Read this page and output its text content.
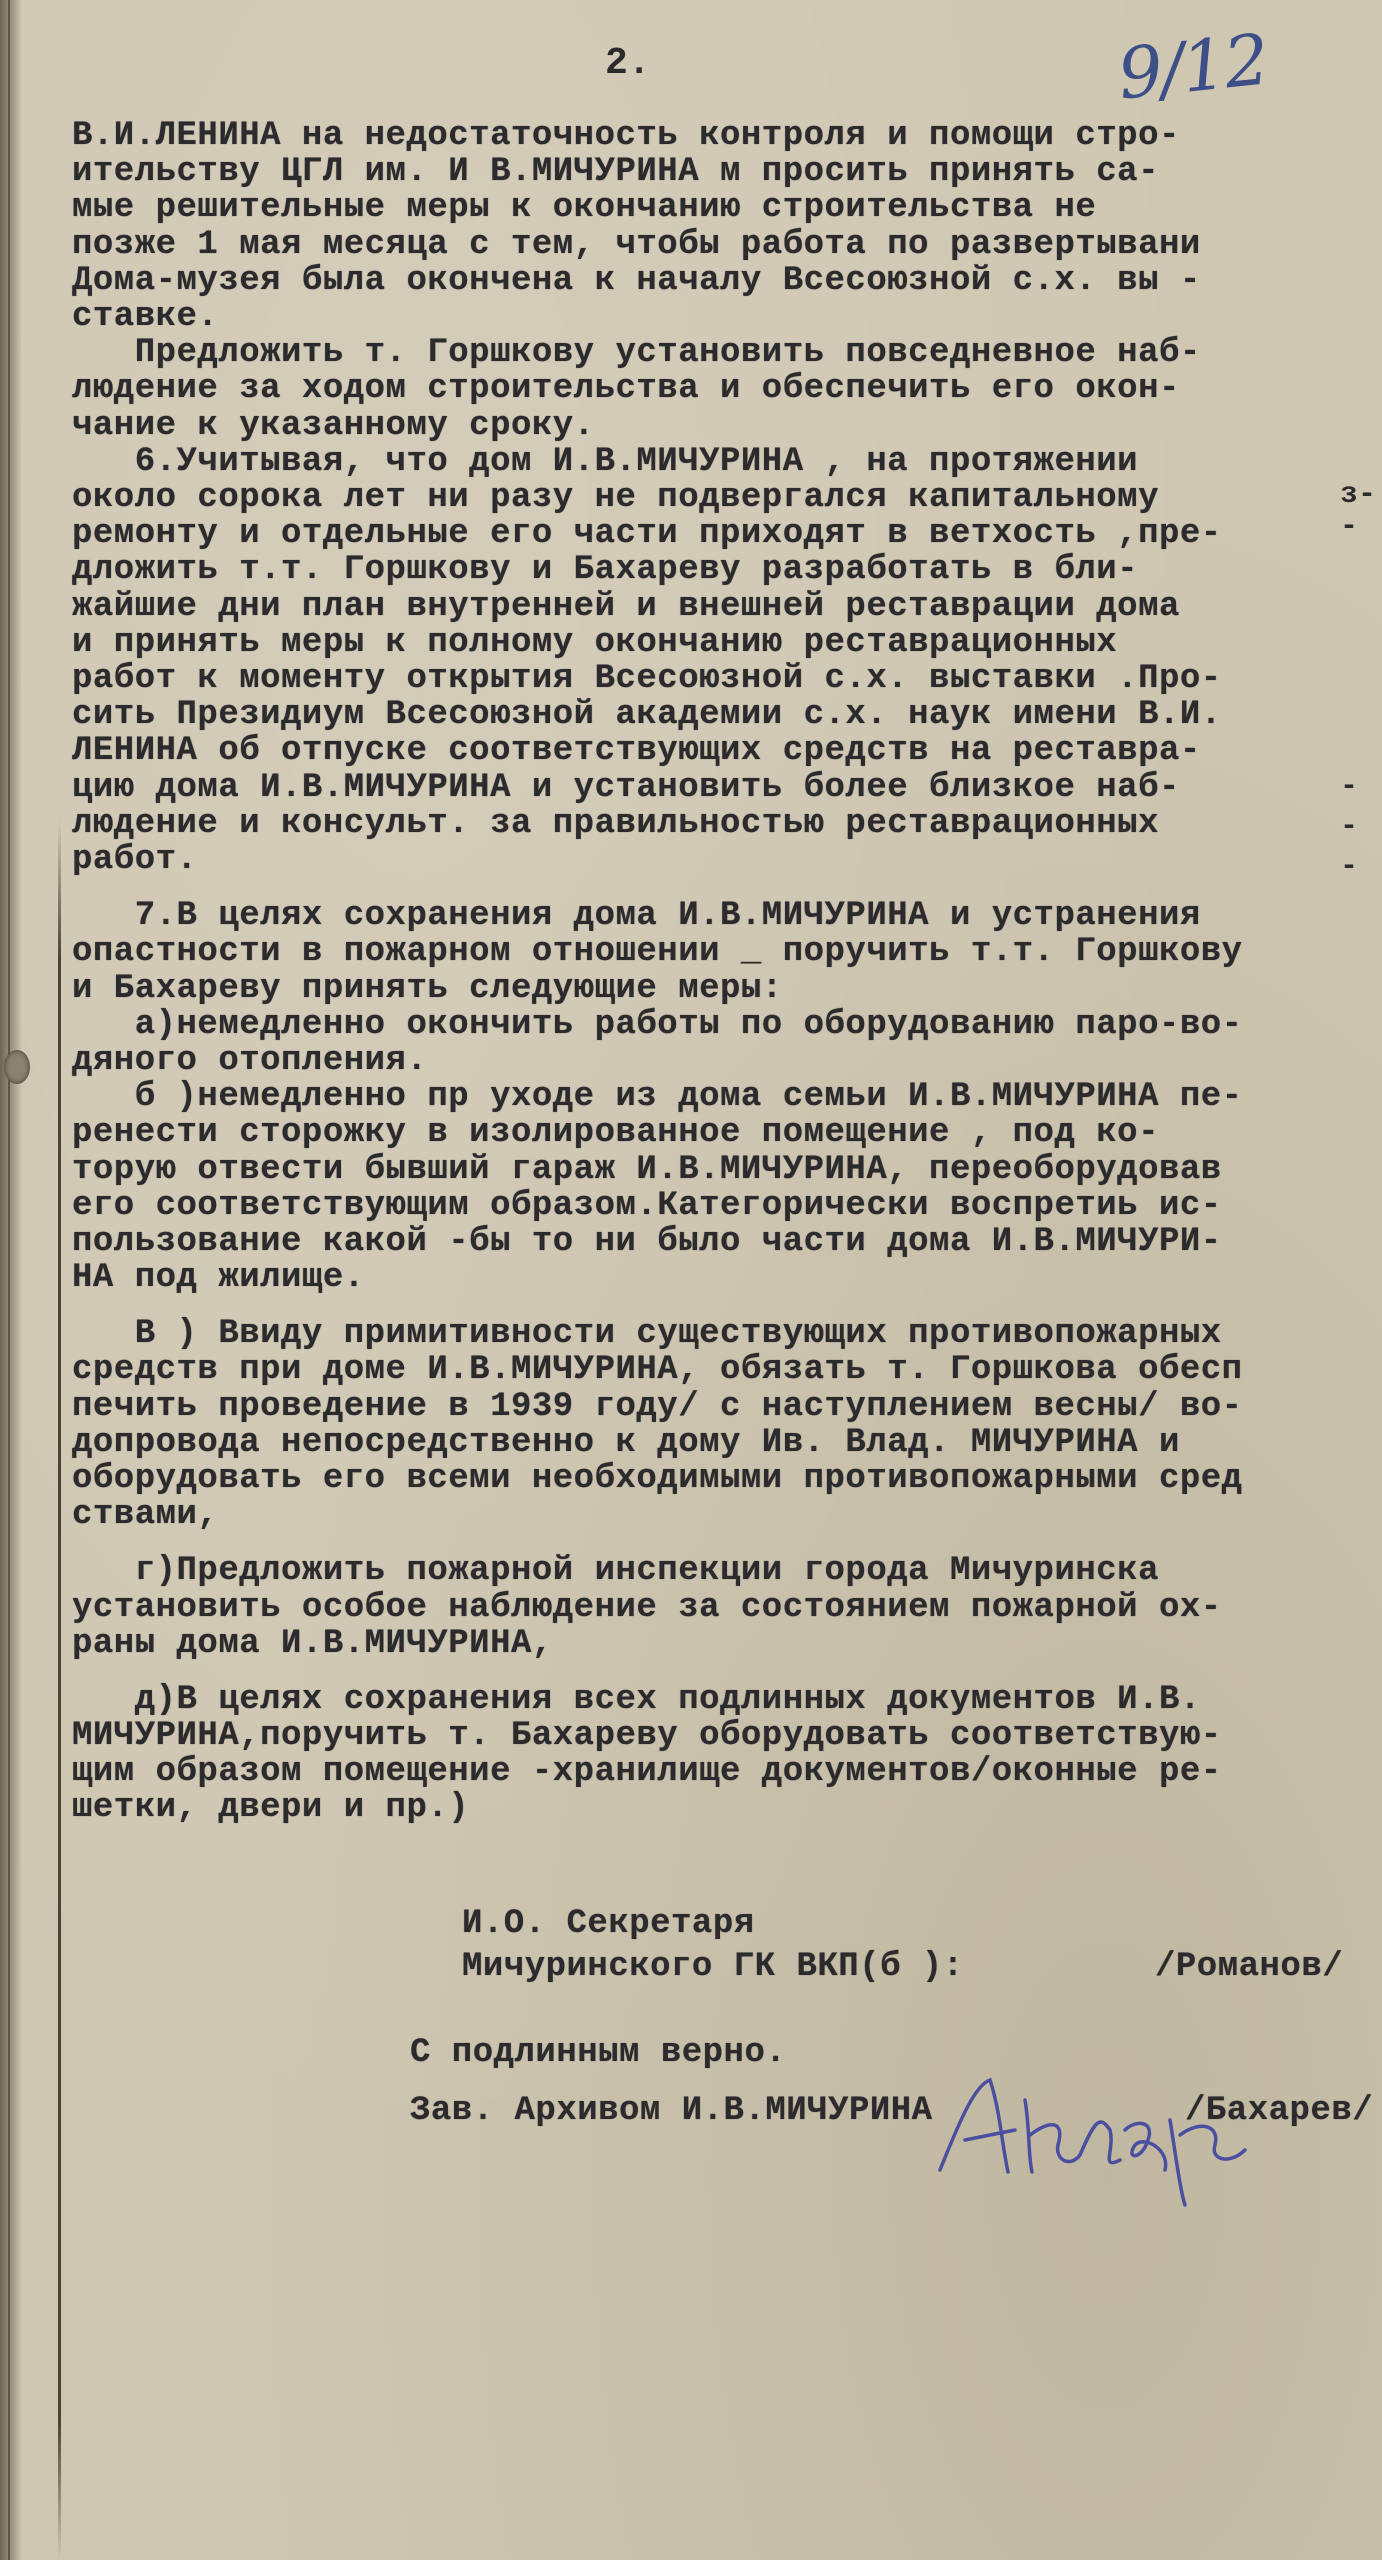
2.	9/12
В.И.ЛЕНИНА на недостаточность контроля и помощи стро-
ительству ЦГЛ им. И В.МИЧУРИНА м просить принять са-
мые решительные меры к окончанию строительства не
позже 1 мая месяца с тем, чтобы работа по развертывани
Дома-музея была окончена к началу Всесоюзной с.х. вы -
ставке.
Предложить т. Горшкову установить повседневное наб-
людение за ходом строительства и обеспечить его окон-
чание к указанному сроку.
6.Учитывая, что дом И.В.МИЧУРИНА , на протяжении
около сорока лет ни разу не подвергался капитальному
ремонту и отдельные его части приходят в ветхость ,пре-
дложить т.т. Горшкову и Бахареву разработать в бли-
жайшие дни план внутренней и внешней реставрации дома
и принять меры к полному окончанию реставрационных
работ к моменту открытия Всесоюзной с.х. выставки .Про-
сить Президиум Всесоюзной академии с.х. наук имени В.И.
ЛЕНИНА об отпуске соответствующих средств на реставра-
цию дома И.В.МИЧУРИНА и установить более близкое наб-
людение и консульт. за правильностью реставрационных
работ.
7.В целях сохранения дома И.В.МИЧУРИНА и устранения
опастности в пожарном отношении _ поручить т.т. Горшкову
и Бахареву принять следующие меры:
а)немедленно окончить работы по оборудованию паро-во-
дяного отопления.
б )немедленно пр уходе из дома семьи И.В.МИЧУРИНА пе-
ренести сторожку в изолированное помещение , под ко-
торую отвести бывший гараж И.В.МИЧУРИНА, переоборудовав
его соответствующим образом.Категорически воспретиь ис-
пользование какой -бы то ни было части дома И.В.МИЧУРИ-
НА под жилище.
В ) Ввиду примитивности существующих противопожарных
средств при доме И.В.МИЧУРИНА, обязать т. Горшкова обесп
печить проведение в 1939 году/ с наступлением весны/ во-
допровода непосредственно к дому Ив. Влад. МИЧУРИНА и
оборудовать его всеми необходимыми противопожарными сред
ствами,
г)Предложить пожарной инспекции города Мичуринска
установить особое наблюдение за состоянием пожарной ох-
раны дома И.В.МИЧУРИНА,
д)В целях сохранения всех подлинных документов И.В.
МИЧУРИНА,поручить т. Бахареву оборудовать соответствую-
щим образом помещение -хранилище документов/оконные ре-
шетки, двери и пр.)
з-
-
-
-
-
И.О. Секретаря
Мичуринского ГК ВКП(б ):	/Романов/
С подлинным верно.
Зав. Архивом И.В.МИЧУРИНА	/Бахарев/
